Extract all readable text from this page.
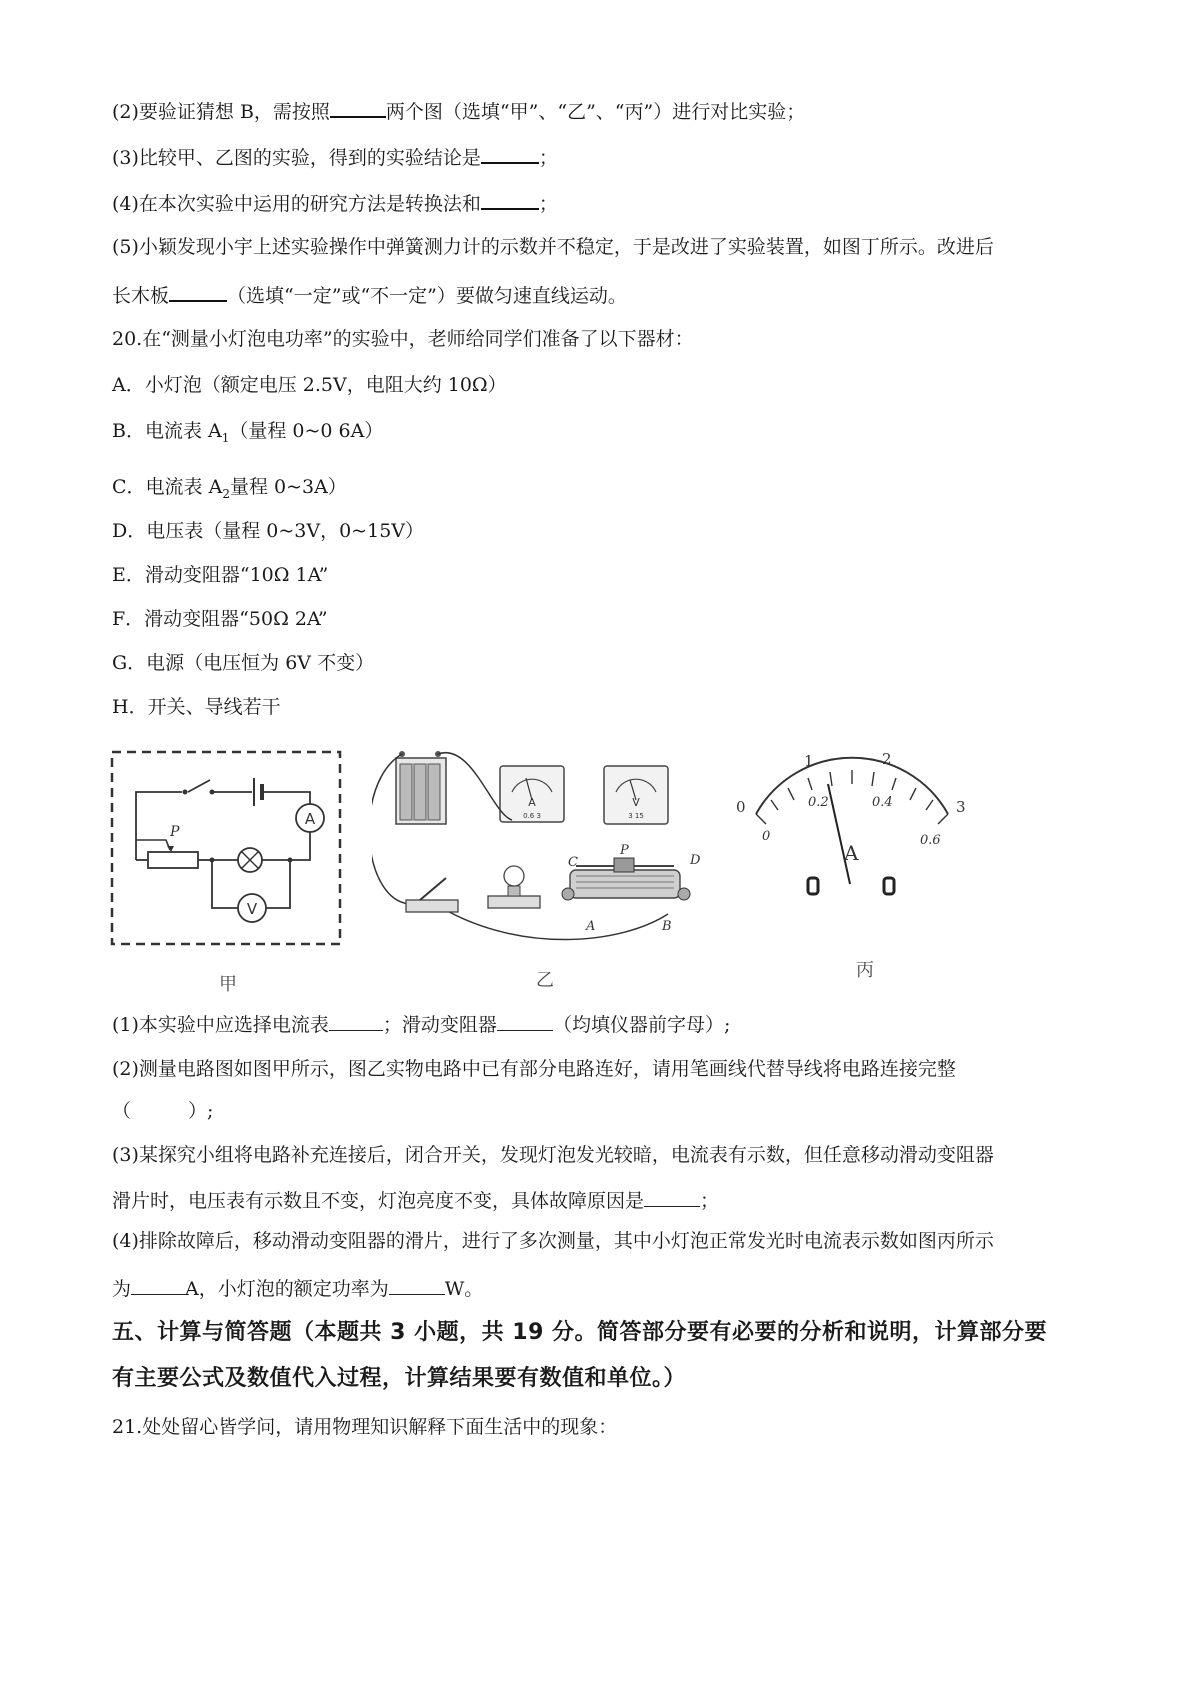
(2)要验证猜想 B，需按照	两个图（选填“甲”、“乙”、“丙”）进行对比实验；
(3)比较甲、乙图的实验，得到的实验结论是	；
(4)在本次实验中运用的研究方法是转换法和	；
(5)小颖发现小宇上述实验操作中弹簧测力计的示数并不稳定，于是改进了实验装置，如图丁所示。改进后
长木板	（选填“一定”或“不一定”）要做匀速直线运动。
20.在“测量小灯泡电功率”的实验中，老师给同学们准备了以下器材：
A．小灯泡（额定电压 2.5V，电阻大约 10Ω）
B．电流表 $A_1$（量程 0~0 6A）
C．电流表 $A_2$量程 0~3A）
D．电压表（量程 0~3V，0~15V）
E．滑动变阻器“10Ω 1A”
F．滑动变阻器“50Ω 2A”
G．电源（电压恒为 6V 不变）
H．开关、导线若干
A
P
V
甲
A
0.6 3
V
3 15
C
P
D
A	B
乙
0
1	2
3
0
0.2	0.4
0.6
A
丙
(1)本实验中应选择电流表	；滑动变阻器	（均填仪器前字母）;
(2)测量电路图如图甲所示，图乙实物电路中已有部分电路连好，请用笔画线代替导线将电路连接完整
（　　　）;
(3)某探究小组将电路补充连接后，闭合开关，发现灯泡发光较暗，电流表有示数，但任意移动滑动变阻器
滑片时，电压表有示数且不变，灯泡亮度不变，具体故障原因是	；
(4)排除故障后，移动滑动变阻器的滑片，进行了多次测量，其中小灯泡正常发光时电流表示数如图丙所示
为	A，小灯泡的额定功率为	W。
五、计算与简答题（本题共 3 小题，共 19 分。简答部分要有必要的分析和说明，计算部分要
有主要公式及数值代入过程，计算结果要有数值和单位。）
21.处处留心皆学问，请用物理知识解释下面生活中的现象：
